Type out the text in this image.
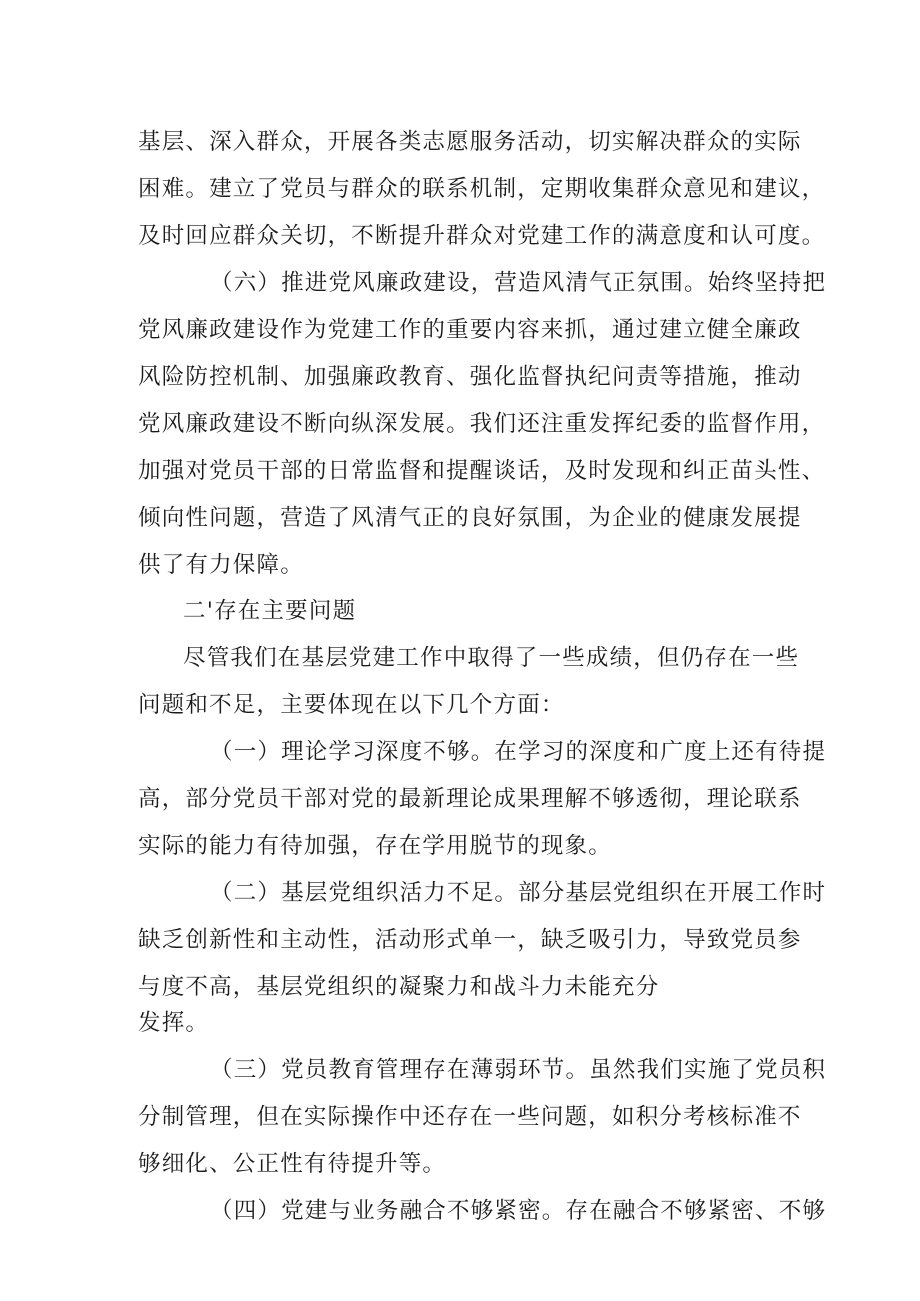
基层、深入群众，开展各类志愿服务活动，切实解决群众的实际
困难。建立了党员与群众的联系机制，定期收集群众意见和建议，
及时回应群众关切，不断提升群众对党建工作的满意度和认可度。
（六）推进党风廉政建设，营造风清气正氛围。始终坚持把
党风廉政建设作为党建工作的重要内容来抓，通过建立健全廉政
风险防控机制、加强廉政教育、强化监督执纪问责等措施，推动
党风廉政建设不断向纵深发展。我们还注重发挥纪委的监督作用，
加强对党员干部的日常监督和提醒谈话，及时发现和纠正苗头性、
倾向性问题，营造了风清气正的良好氛围，为企业的健康发展提
供了有力保障。
二'存在主要问题
尽管我们在基层党建工作中取得了一些成绩，但仍存在一些
问题和不足，主要体现在以下几个方面：
（一）理论学习深度不够。在学习的深度和广度上还有待提
高，部分党员干部对党的最新理论成果理解不够透彻，理论联系
实际的能力有待加强，存在学用脱节的现象。
（二）基层党组织活力不足。部分基层党组织在开展工作时
缺乏创新性和主动性，活动形式单一，缺乏吸引力，导致党员参
与度不高，基层党组织的凝聚力和战斗力未能充分
发挥。
（三）党员教育管理存在薄弱环节。虽然我们实施了党员积
分制管理，但在实际操作中还存在一些问题，如积分考核标准不
够细化、公正性有待提升等。
（四）党建与业务融合不够紧密。存在融合不够紧密、不够
